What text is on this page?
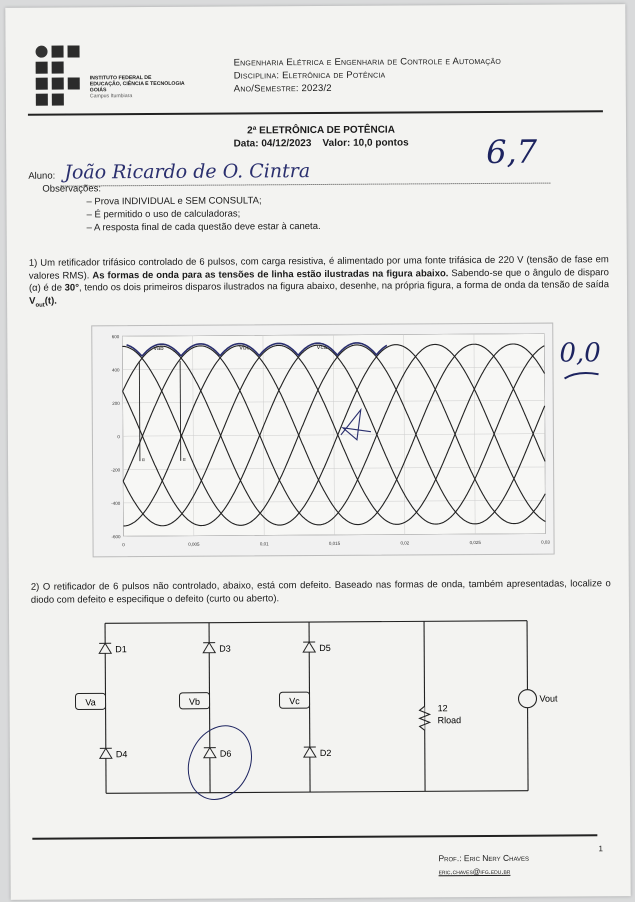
INSTITUTO FEDERAL DE
EDUCAÇÃO, CIÊNCIA E TECNOLOGIA
GOIÁS
Campus Itumbiara
Engenharia Elétrica e Engenharia de Controle e Automação
Disciplina: Eletrônica de Potência
Ano/Semestre: 2023/2
2ª ELETRÔNICA DE POTÊNCIA
Data: 04/12/2023 Valor: 10,0 pontos	6,7
Aluno: João Ricardo de O. Cintra
Observações:
– Prova INDIVIDUAL e SEM CONSULTA;
– É permitido o uso de calculadoras;
– A resposta final de cada questão deve estar à caneta.
1) Um retificador trifásico controlado de 6 pulsos, com carga resistiva, é alimentado por uma fonte trifásica de 220 V (tensão de fase em valores RMS). As formas de onda para as tensões de linha estão ilustradas na figura abaixo. Sabendo-se que o ângulo de disparo (α) é de 30°, tendo os dois primeiros disparos ilustrados na figura abaixo, desenhe, na própria figura, a forma de onda da tensão de saída $V_{out}(t)$.
0	0,005	0,01	0,015	0,02	0,025	0,03
600
400
200
0
-200
-400
-600
Vab	Vbc	Vca
α	α
0,0
2) O retificador de 6 pulsos não controlado, abaixo, está com defeito. Baseado nas formas de onda, também apresentadas, localize o diodo com defeito e especifique o defeito (curto ou aberto).
D1	D3	D5
D4	D6	D2
Va	Vb	Vc
12
Rload
Vout
1
Prof.: Eric Nery Chaves
eric.chaves@ifg.edu.br
